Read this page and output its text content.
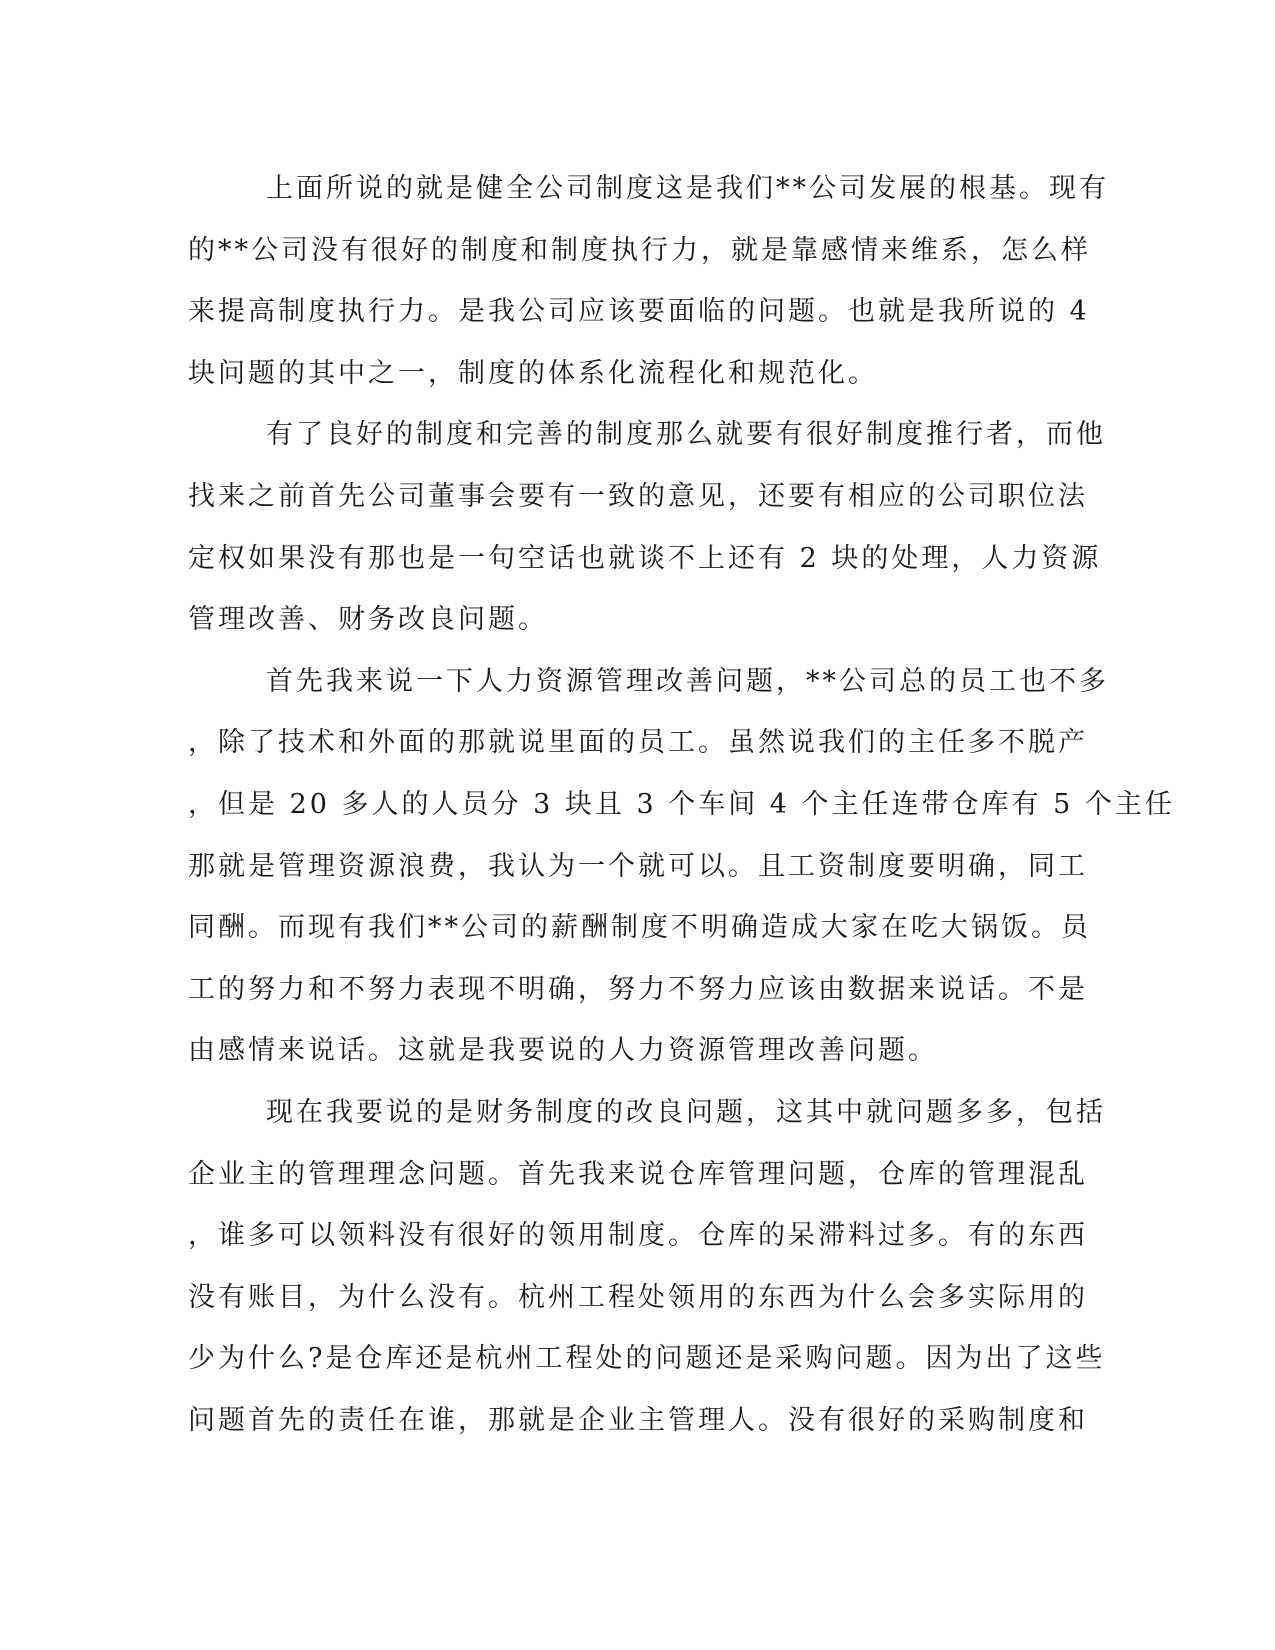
上面所说的就是健全公司制度这是我们**公司发展的根基。现有
的**公司没有很好的制度和制度执行力，就是靠感情来维系，怎么样
来提高制度执行力。是我公司应该要面临的问题。也就是我所说的 4
块问题的其中之一，制度的体系化流程化和规范化。
有了良好的制度和完善的制度那么就要有很好制度推行者，而他
找来之前首先公司董事会要有一致的意见，还要有相应的公司职位法
定权如果没有那也是一句空话也就谈不上还有 2 块的处理，人力资源
管理改善、财务改良问题。
首先我来说一下人力资源管理改善问题，**公司总的员工也不多
，除了技术和外面的那就说里面的员工。虽然说我们的主任多不脱产
，但是 20 多人的人员分 3 块且 3 个车间 4 个主任连带仓库有 5 个主任
那就是管理资源浪费，我认为一个就可以。且工资制度要明确，同工
同酬。而现有我们**公司的薪酬制度不明确造成大家在吃大锅饭。员
工的努力和不努力表现不明确，努力不努力应该由数据来说话。不是
由感情来说话。这就是我要说的人力资源管理改善问题。
现在我要说的是财务制度的改良问题，这其中就问题多多，包括
企业主的管理理念问题。首先我来说仓库管理问题，仓库的管理混乱
，谁多可以领料没有很好的领用制度。仓库的呆滞料过多。有的东西
没有账目，为什么没有。杭州工程处领用的东西为什么会多实际用的
少为什么?是仓库还是杭州工程处的问题还是采购问题。因为出了这些
问题首先的责任在谁，那就是企业主管理人。没有很好的采购制度和
